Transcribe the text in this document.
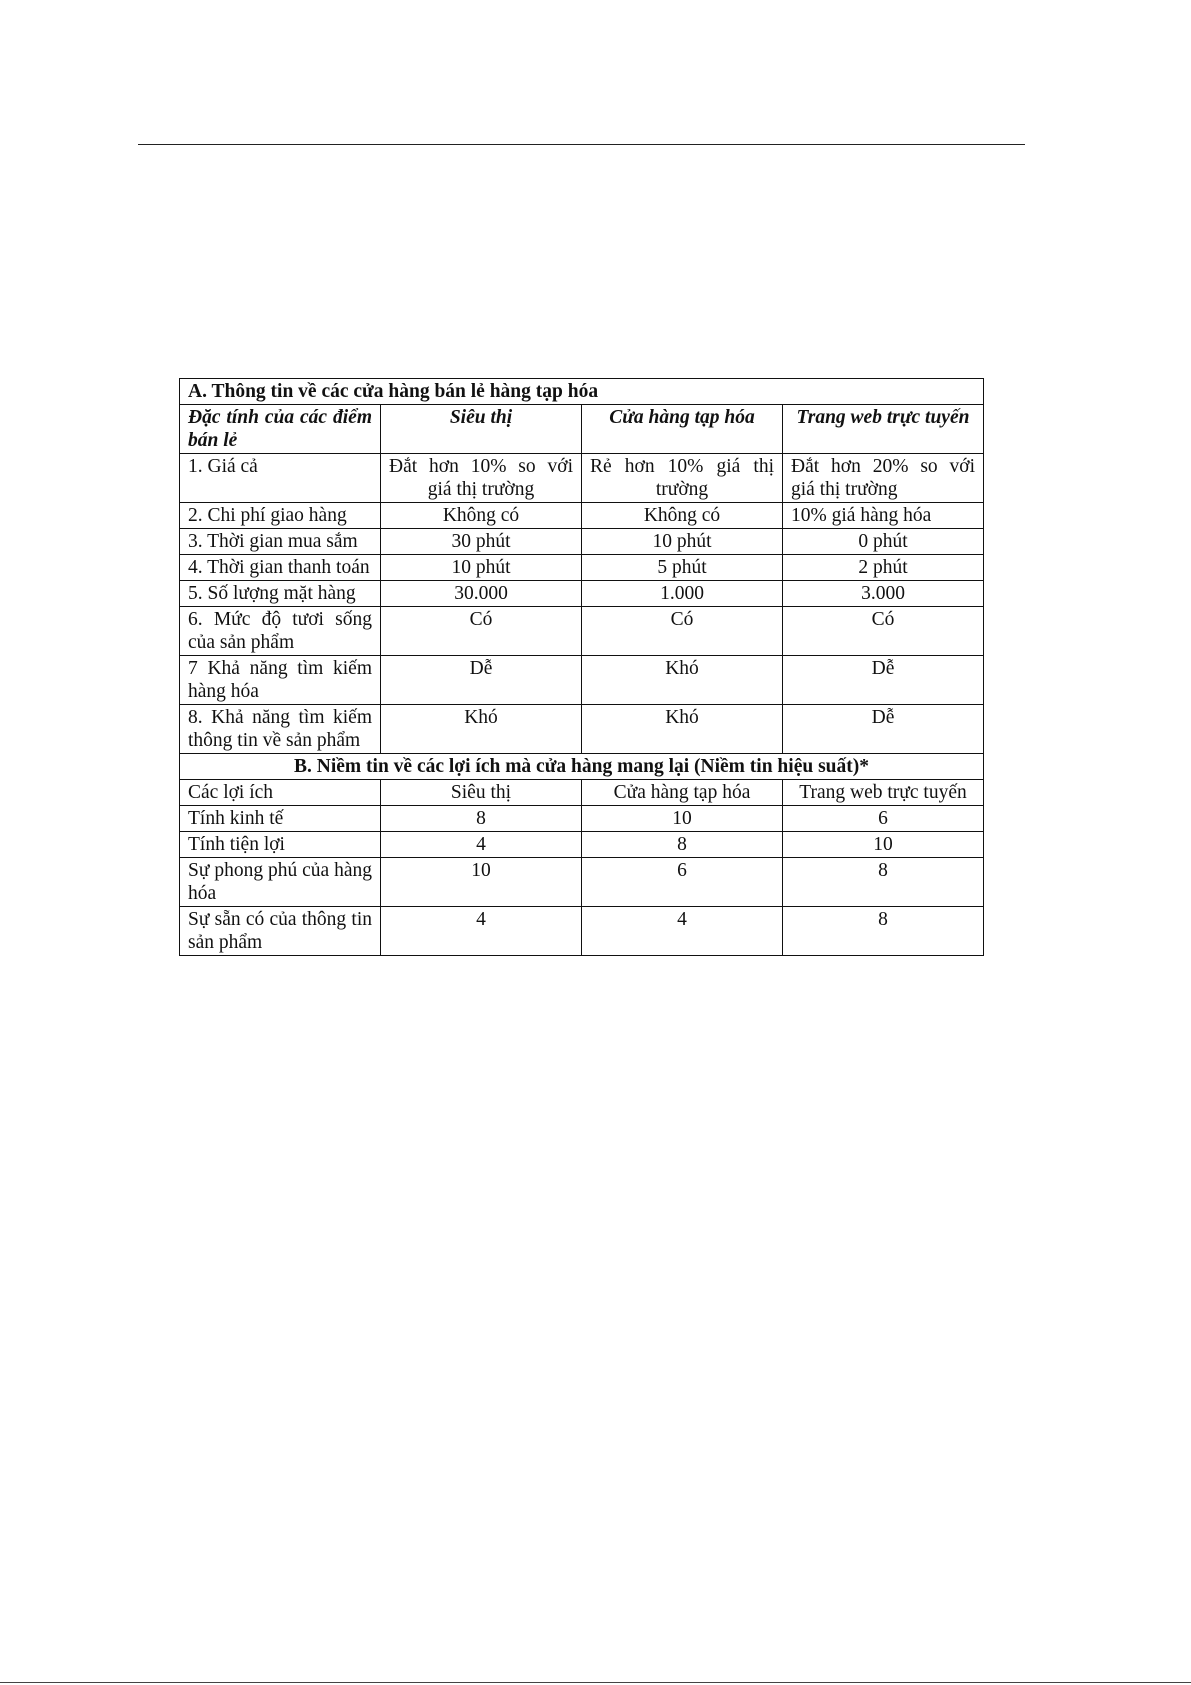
A. Thông tin về các cửa hàng bán lẻ hàng tạp hóa			
Đặc tính của các điểm bán lẻ	Siêu thị	Cửa hàng tạp hóa	Trang web trực tuyến
1. Giá cả	Đắt hơn 10% so với giá thị trường	Rẻ hơn 10% giá thị trường	Đắt hơn 20% so với giá thị trường
2. Chi phí giao hàng	Không có	Không có	10% giá hàng hóa
3. Thời gian mua sắm	30 phút	10 phút	0 phút
4. Thời gian thanh toán	10 phút	5 phút	2 phút
5. Số lượng mặt hàng	30.000	1.000	3.000
6. Mức độ tươi sống của sản phẩm	Có	Có	Có
7 Khả năng tìm kiếm hàng hóa	Dễ	Khó	Dễ
8. Khả năng tìm kiếm thông tin về sản phẩm	Khó	Khó	Dễ
B. Niềm tin về các lợi ích mà cửa hàng mang lại (Niềm tin hiệu suất)*			
Các lợi ích	Siêu thị	Cửa hàng tạp hóa	Trang web trực tuyến
Tính kinh tế	8	10	6
Tính tiện lợi	4	8	10
Sự phong phú của hàng hóa	10	6	8
Sự sẵn có của thông tin sản phẩm	4	4	8
